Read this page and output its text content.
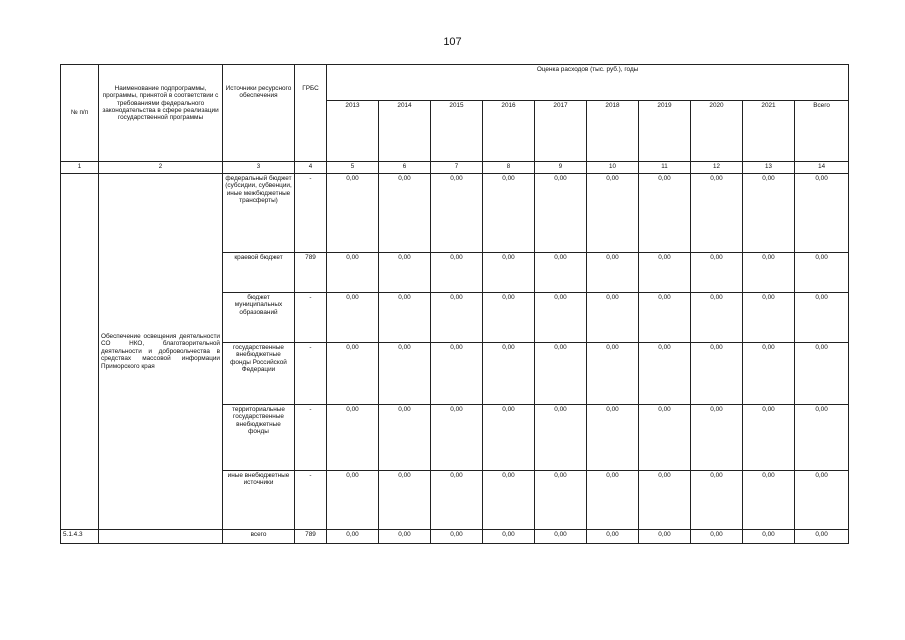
107
№ п/п	Наименование подпрограммы, программы, принятой в соответствии с требованиями федерального законодательства в сфере реализации государственной программы	Источники ресурсного обеспечения	ГРБС	Оценка расходов (тыс. руб.), годы									
				2013	2014	2015	2016	2017	2018	2019	2020	2021	Всего
1	2	3	4	5	6	7	8	9	10	11	12	13	14
	Обеспечение освещения деятельности СО НКО, благотворительной деятельности и добровольчества в средствах массовой информации Приморского края	федеральный бюджет (субсидии, субвенции, иные межбюджетные трансферты)	-	0,00	0,00	0,00	0,00	0,00	0,00	0,00	0,00	0,00	0,00
		краевой бюджет	789	0,00	0,00	0,00	0,00	0,00	0,00	0,00	0,00	0,00	0,00
		бюджет муниципальных образований	-	0,00	0,00	0,00	0,00	0,00	0,00	0,00	0,00	0,00	0,00
		государственные внебюджетные фонды Российской Федерации	-	0,00	0,00	0,00	0,00	0,00	0,00	0,00	0,00	0,00	0,00
		территориальные государственные внебюджетные фонды	-	0,00	0,00	0,00	0,00	0,00	0,00	0,00	0,00	0,00	0,00
		иные внебюджетные источники	-	0,00	0,00	0,00	0,00	0,00	0,00	0,00	0,00	0,00	0,00
5.1.4.3		всего	789	0,00	0,00	0,00	0,00	0,00	0,00	0,00	0,00	0,00	0,00
